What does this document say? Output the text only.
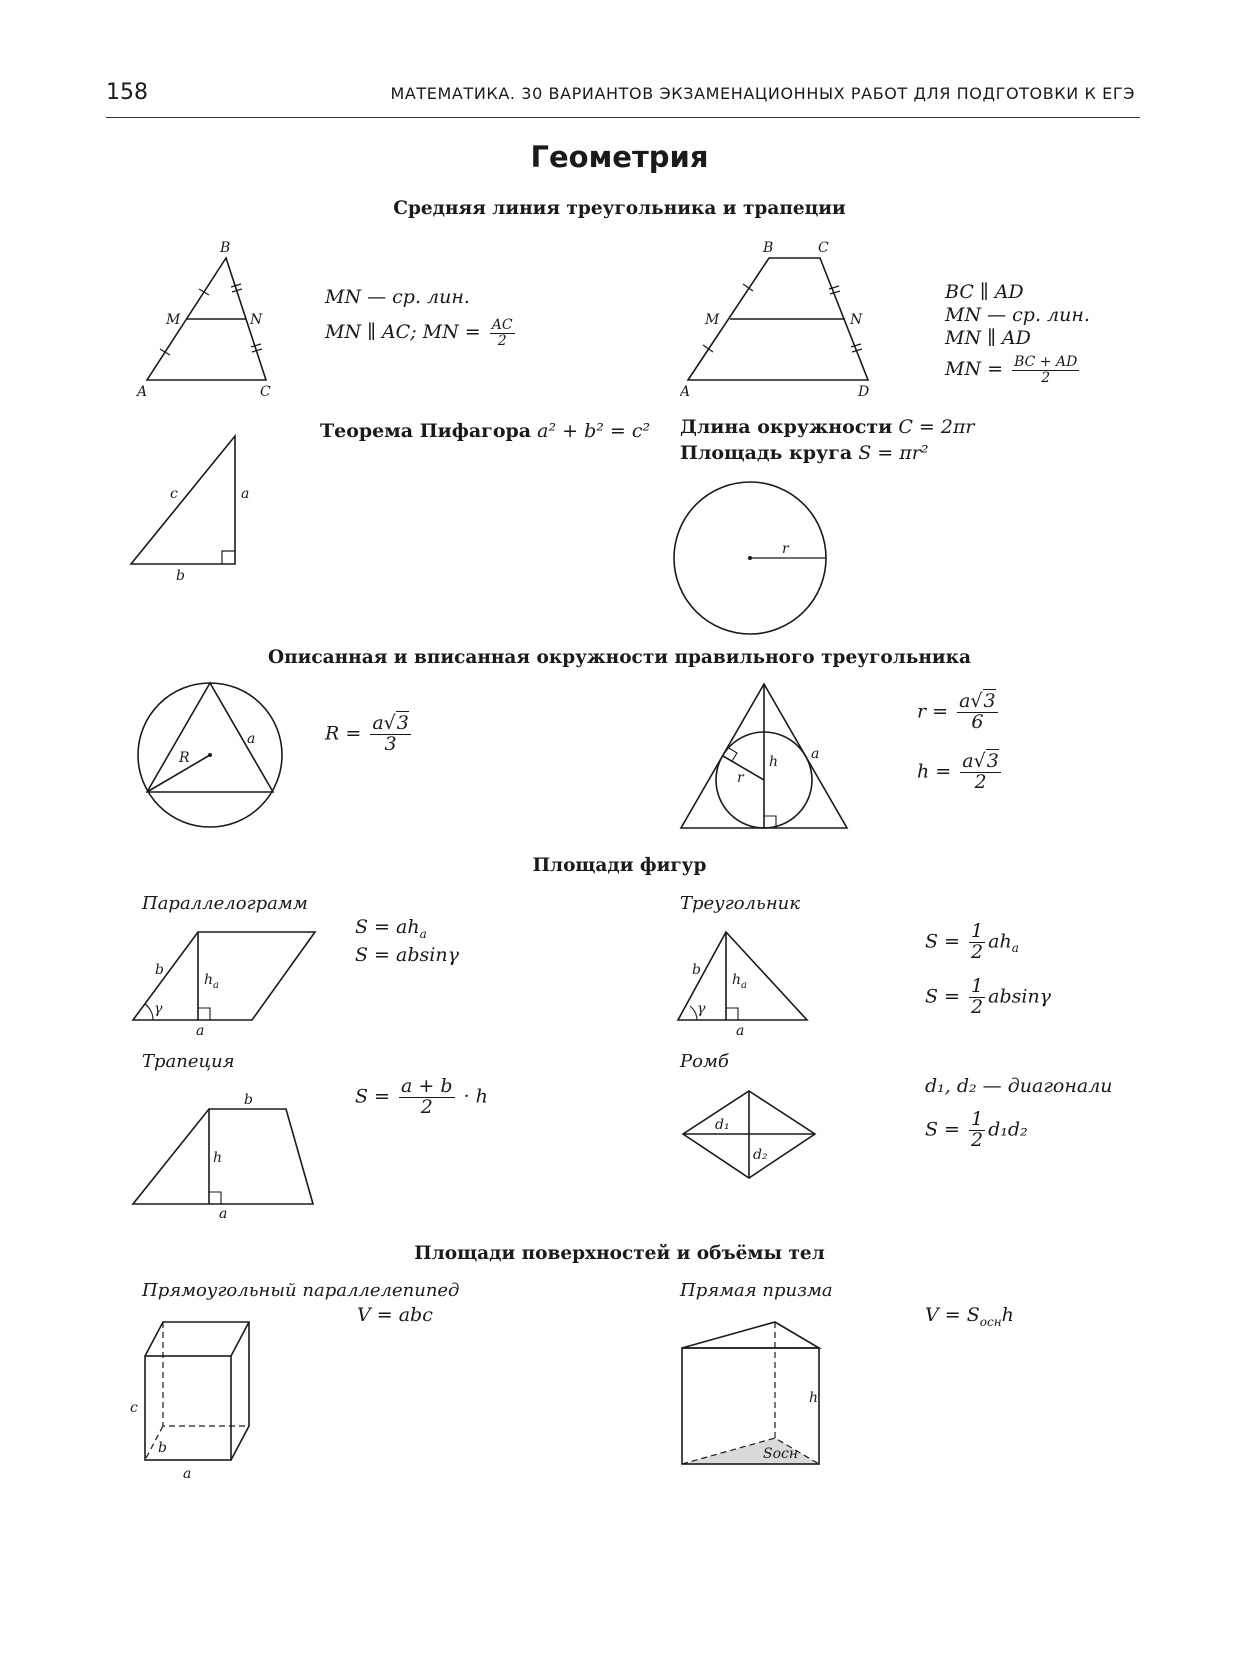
158	МАТЕМАТИКА. 30 ВАРИАНТОВ ЭКЗАМЕНАЦИОННЫХ РАБОТ ДЛЯ ПОДГОТОВКИ К ЕГЭ
Геометрия
Средняя линия треугольника и трапеции
B
M	N
A	C
MN — ср. лин.
MN ∥ AC; MN = $\frac{AC}{2}$
B	C
M	N
A	D
BC ∥ AD
MN — ср. лин.
MN ∥ AD
MN = $\frac{BC + AD}{2}$
c	a
b
Теорема Пифагора a² + b² = c² Длина окружности C = 2πr
Площадь круга S = πr²
r
Описанная и вписанная окружности правильного треугольника
R
a	$R = \frac{a√3}{3}$
r
h a
$r = \frac{a√3}{6}$
$h = \frac{a√3}{2}$
Площади фигур
Параллелограмм
b
$h_a$
γ
a
$S = ah_a$
S = absinγ
Треугольник
b
$h_a$
γ
a
$S = \frac{1}{2} ah_a$
$S = \frac{1}{2}$ absinγ
Трапеция
b
h
a
$S = \frac{a + b}{2} \cdot h$
Ромб
d₁
d₂
d₁, d₂ — диагонали
$S = \frac{1}{2} d_1d_2$
Площади поверхностей и объёмы тел
Прямоугольный параллелепипед
V = abc
c
b
a
Прямая призма
$V = S_{осн}h$
h
Sосн
